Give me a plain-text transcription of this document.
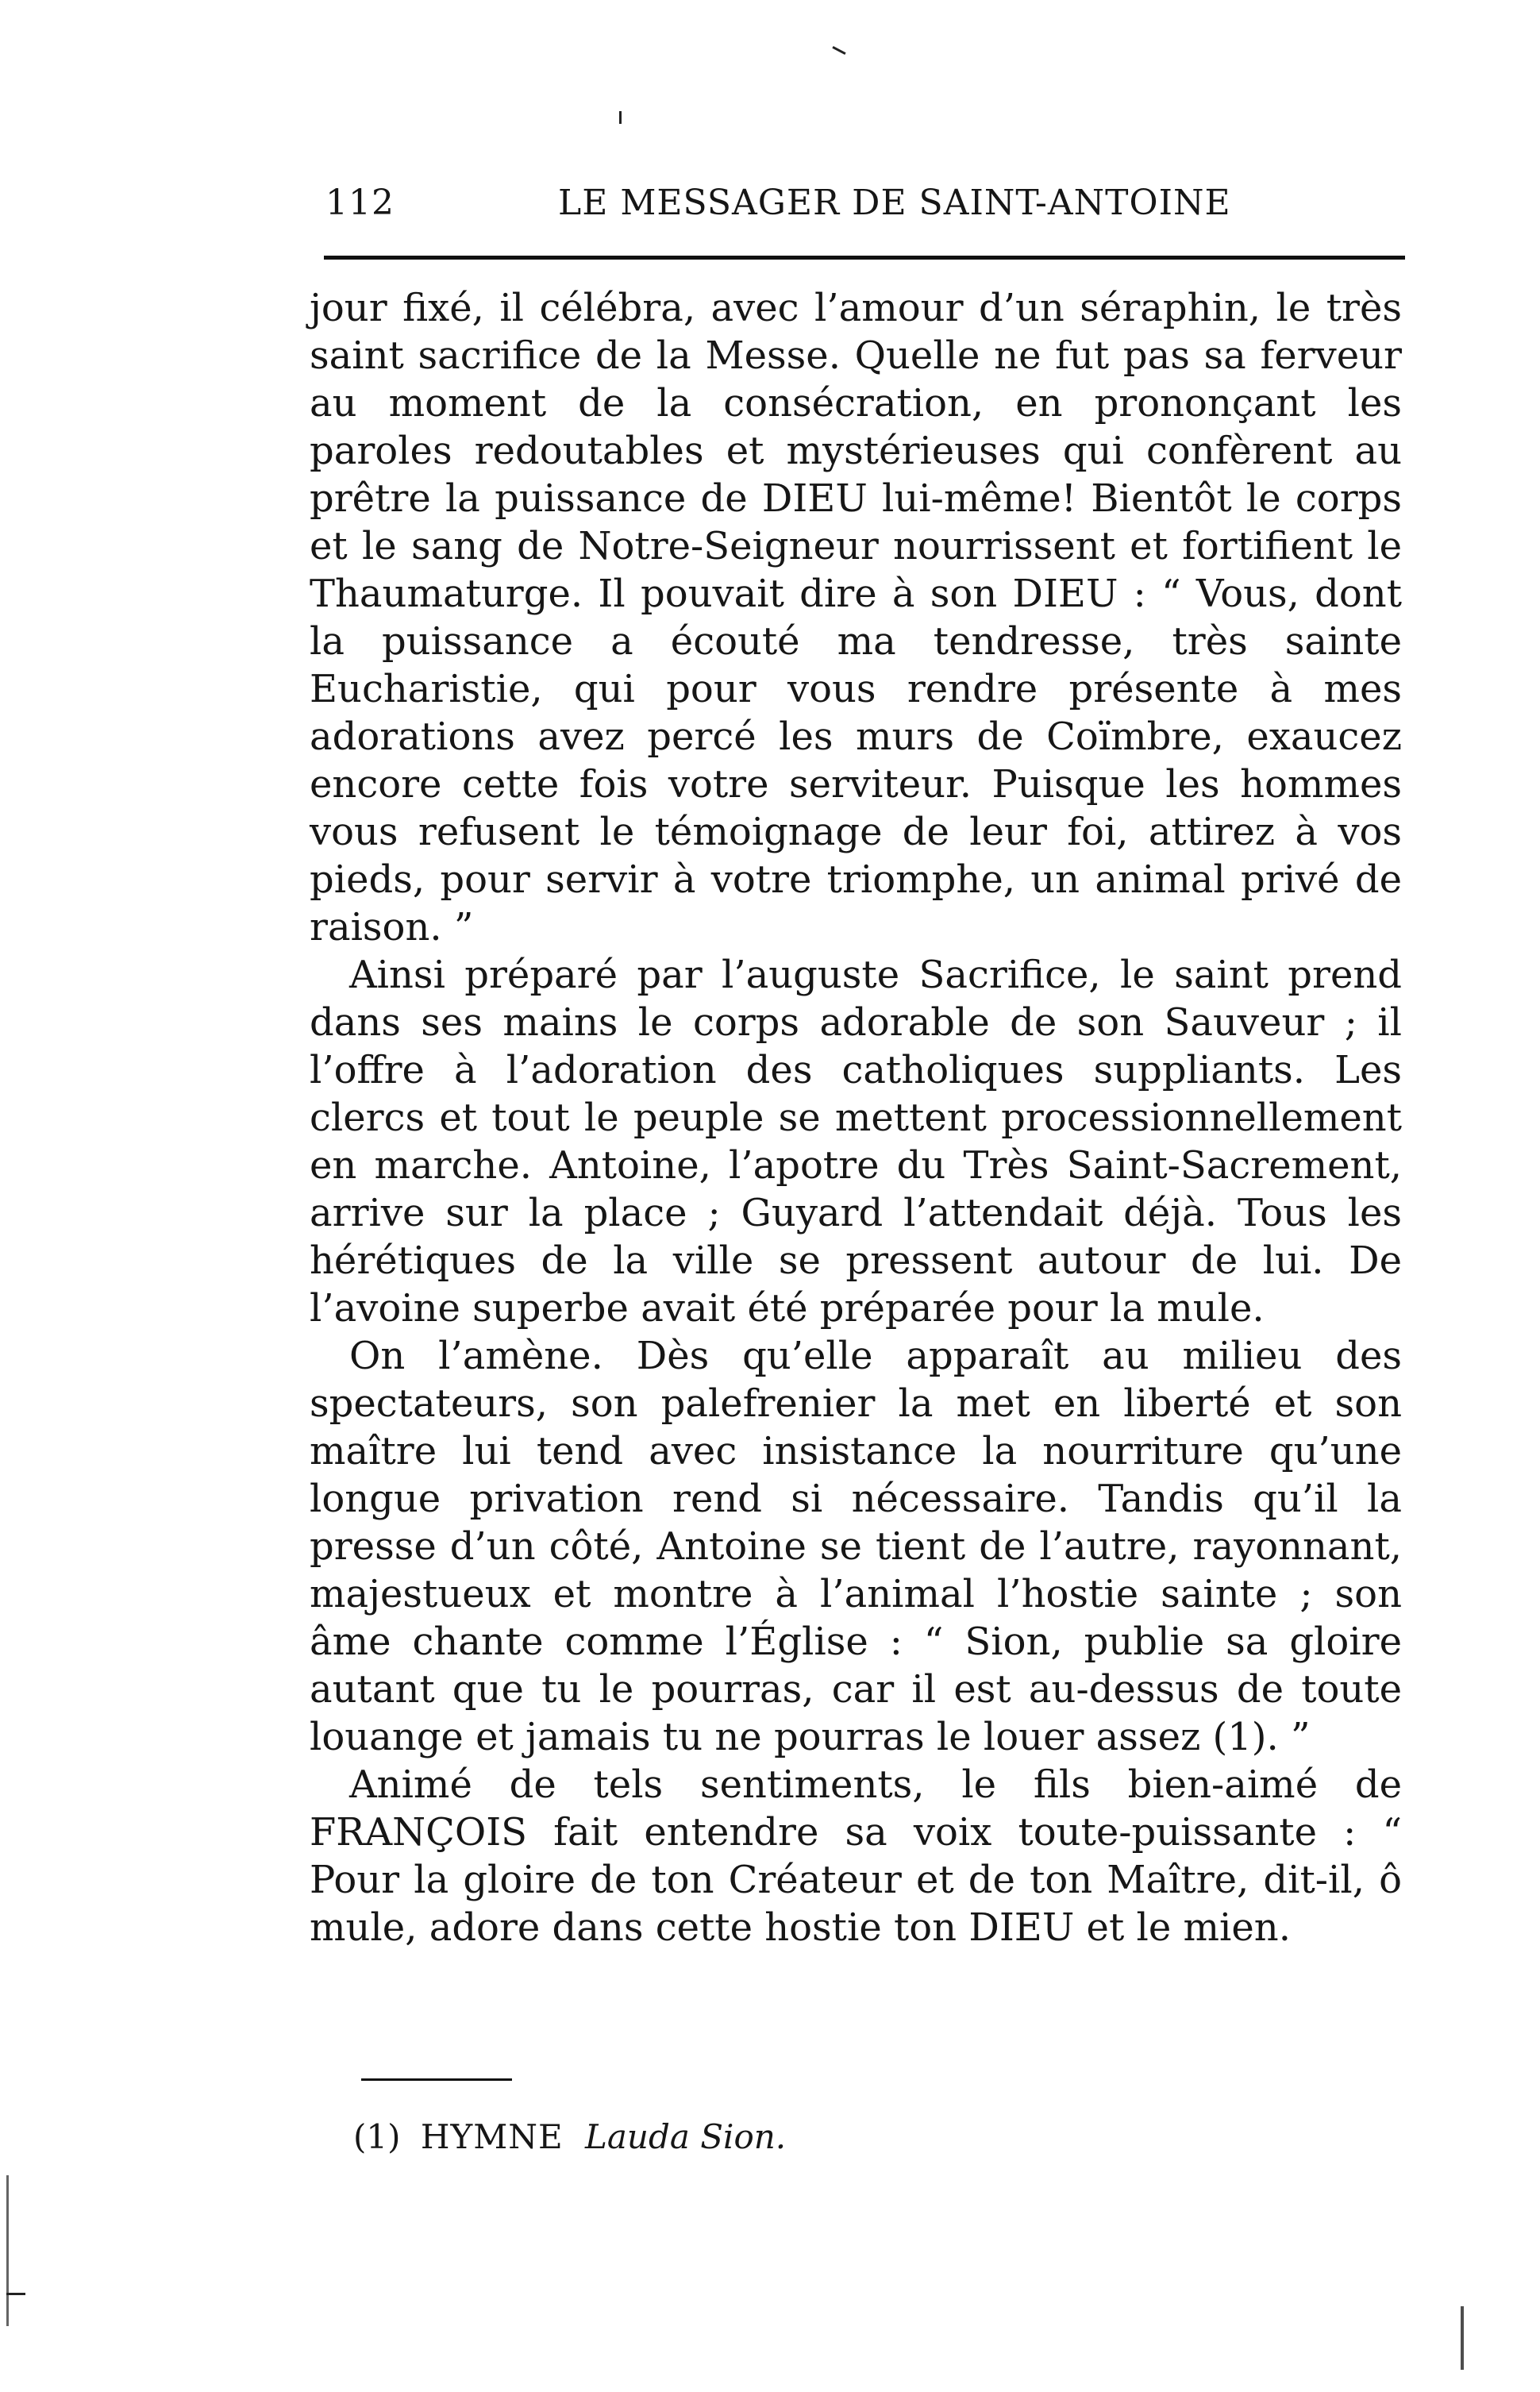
112	LE MESSAGER DE SAINT-ANTOINE

jour fixé, il célébra, avec l’amour d’un séraphin, le très saint sacrifice de la Messe. Quelle ne fut pas sa ferveur au moment de la consécration, en prononçant les paroles redoutables et mystérieuses qui confèrent au prêtre la puissance de DIEU lui-même! Bientôt le corps et le sang de Notre-Seigneur nourrissent et fortifient le Thaumaturge. Il pouvait dire à son DIEU : “ Vous, dont la puissance a écouté ma tendresse, très sainte Eucharistie, qui pour vous rendre présente à mes adorations avez percé les murs de Coïmbre, exaucez encore cette fois votre serviteur. Puisque les hommes vous refusent le témoignage de leur foi, attirez à vos pieds, pour servir à votre triomphe, un animal privé de raison. ”

Ainsi préparé par l’auguste Sacrifice, le saint prend dans ses mains le corps adorable de son Sauveur ; il l’offre à l’adoration des catholiques suppliants. Les clercs et tout le peuple se mettent processionnellement en marche. Antoine, l’apotre du Très Saint-Sacrement, arrive sur la place ; Guyard l’attendait déjà. Tous les hérétiques de la ville se pressent autour de lui. De l’avoine superbe avait été préparée pour la mule.

On l’amène. Dès qu’elle apparaît au milieu des spectateurs, son palefrenier la met en liberté et son maître lui tend avec insistance la nourriture qu’une longue privation rend si nécessaire. Tandis qu’il la presse d’un côté, Antoine se tient de l’autre, rayonnant, majestueux et montre à l’animal l’hostie sainte ; son âme chante comme l’Église : “ Sion, publie sa gloire autant que tu le pourras, car il est au-dessus de toute louange et jamais tu ne pourras le louer assez (1). ”

Animé de tels sentiments, le fils bien-aimé de FRANÇOIS fait entendre sa voix toute-puissante : “ Pour la gloire de ton Créateur et de ton Maître, dit-il, ô mule, adore dans cette hostie ton DIEU et le mien.

(1) HYMNE Lauda Sion.
